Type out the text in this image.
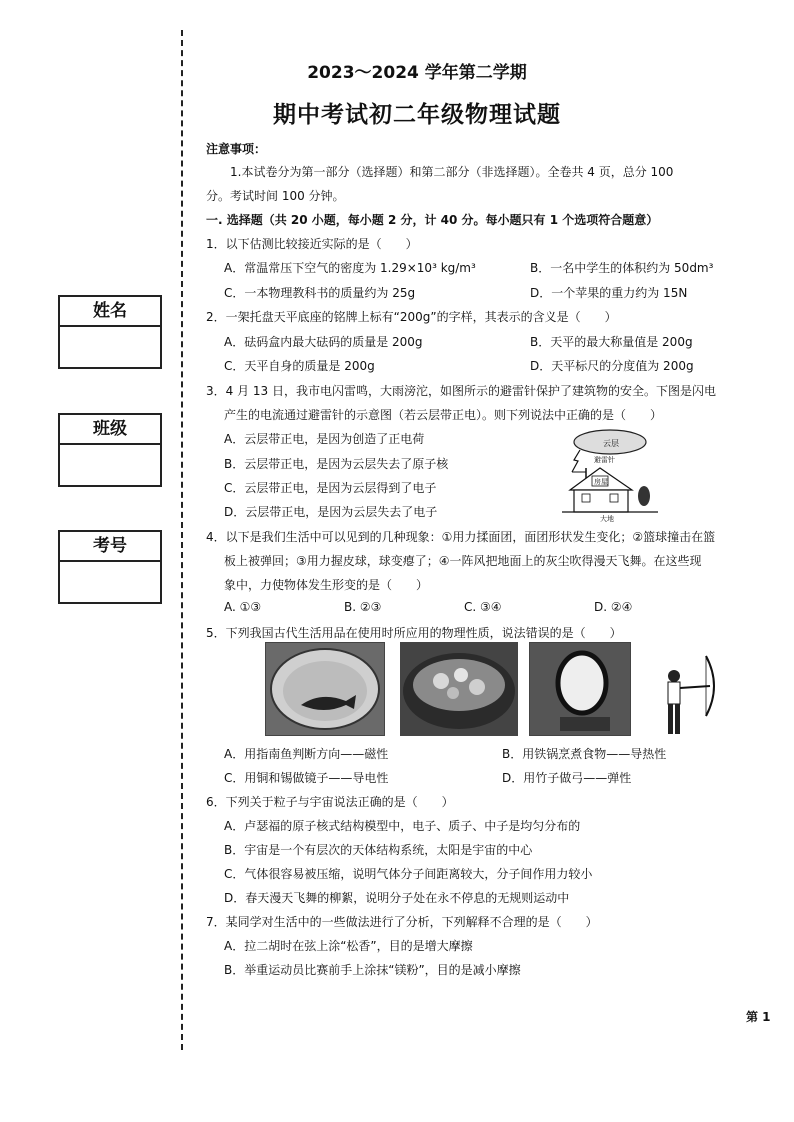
姓名
班级
考号
2023～2024 学年第二学期
期中考试初二年级物理试题
注意事项：
1.本试卷分为第一部分（选择题）和第二部分（非选择题）。全卷共 4 页，总分 100
分。考试时间 100 分钟。
一. 选择题（共 20 小题，每小题 2 分，计 40 分。每小题只有 1 个选项符合题意）
1．以下估测比较接近实际的是（　　）
A．常温常压下空气的密度为 1.29×10³ kg/m³	B．一名中学生的体积约为 50dm³
C．一本物理教科书的质量约为 25g	D．一个苹果的重力约为 15N
2．一架托盘天平底座的铭牌上标有“200g”的字样，其表示的含义是（　　）
A．砝码盒内最大砝码的质量是 200g	B．天平的最大称量值是 200g
C．天平自身的质量是 200g	D．天平标尺的分度值为 200g
3．4 月 13 日，我市电闪雷鸣，大雨滂沱，如图所示的避雷针保护了建筑物的安全。下图是闪电
产生的电流通过避雷针的示意图（若云层带正电）。则下列说法中正确的是（　　）
A．云层带正电，是因为创造了正电荷
B．云层带正电，是因为云层失去了原子核
C．云层带正电，是因为云层得到了电子
D．云层带正电，是因为云层失去了电子
云层
避雷针
房屋
大地
4．以下是我们生活中可以见到的几种现象：①用力揉面团，面团形状发生变化；②篮球撞击在篮
板上被弹回；③用力握皮球，球变瘪了；④一阵风把地面上的灰尘吹得漫天飞舞。在这些现
象中，力使物体发生形变的是（　　）
A. ①③	B. ②③	C. ③④	D. ②④
5．下列我国古代生活用品在使用时所应用的物理性质，说法错误的是（　　）
A．用指南鱼判断方向——磁性	B．用铁锅烹煮食物——导热性
C．用铜和锡做镜子——导电性	D．用竹子做弓——弹性
6．下列关于粒子与宇宙说法正确的是（　　）
A．卢瑟福的原子核式结构模型中，电子、质子、中子是均匀分布的
B．宇宙是一个有层次的天体结构系统，太阳是宇宙的中心
C．气体很容易被压缩，说明气体分子间距离较大，分子间作用力较小
D．春天漫天飞舞的柳絮，说明分子处在永不停息的无规则运动中
7．某同学对生活中的一些做法进行了分析，下列解释不合理的是（　　）
A．拉二胡时在弦上涂“松香”，目的是增大摩擦
B．举重运动员比赛前手上涂抹“镁粉”，目的是减小摩擦
第 1
